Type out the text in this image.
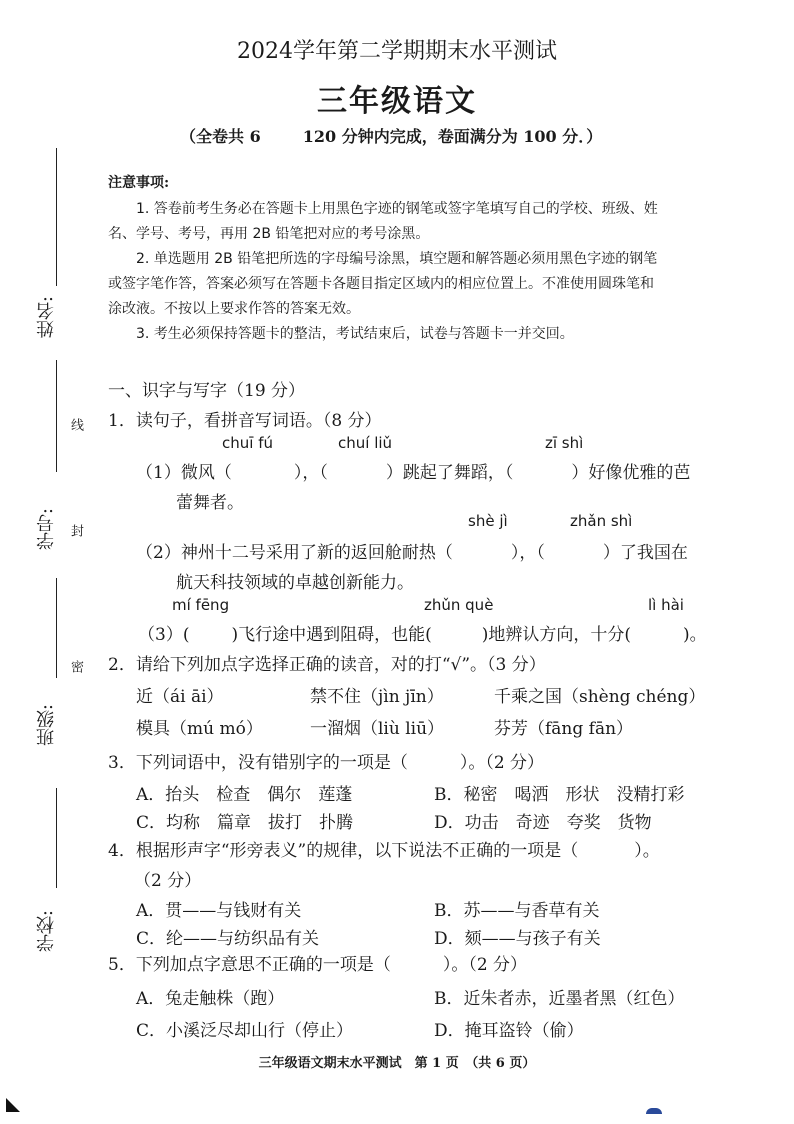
2024学年第二学期期末水平测试
三年级语文
（全卷共 6	120 分钟内完成，卷面满分为 100 分．）
注意事项:
1. 答卷前考生务必在答题卡上用黑色字迹的钢笔或签字笔填写自己的学校、班级、姓
名、学号、考号，再用 2B 铅笔把对应的考号涂黑。
2. 单选题用 2B 铅笔把所选的字母编号涂黑，填空题和解答题必须用黑色字迹的钢笔
或签字笔作答，答案必须写在答题卡各题目指定区域内的相应位置上。不准使用圆珠笔和
涂改液。不按以上要求作答的答案无效。
3. 考生必须保持答题卡的整洁，考试结束后，试卷与答题卡一并交回。
姓名:
学号:
班级:
学校:
线
封
密
一、识字与写字（19 分）
1．读句子，看拼音写词语。（8 分）
chuī fú	chuí liǔ	zī shì
（1）微风（	），（	）跳起了舞蹈，（	）好像优雅的芭
蕾舞者。
shè jì	zhǎn shì
（2）神州十二号采用了新的返回舱耐热（	），（	）了我国在
航天科技领域的卓越创新能力。
mí fēng	zhǔn què	lì hài
（3）( )飞行途中遇到阻碍，也能(	)地辨认方向，十分(	)。
2．请给下列加点字选择正确的读音，对的打“√”。（3 分）
近（ái āi）	禁不住（jìn jīn）	千乘之国（shèng chéng）
模具（mú mó）	一溜烟（liù liū）	芬芳（fāng fān）
3．下列词语中，没有错别字的一项是（	）。（2 分）
A．抬头　检查　偶尔　莲蓬	B．秘密　喝洒　形状　没精打彩
C．均称　篇章　拔打　扑腾	D．功击　奇迹　夸奖　货物
4．根据形声字“形旁表义”的规律，以下说法不正确的一项是（	）。
（2 分）
A．贯——与钱财有关	B．苏——与香草有关
C．纶——与纺织品有关	D．颏——与孩子有关
5．下列加点字意思不正确的一项是（	）。（2 分）
A．兔走触株（跑）	B．近朱者赤，近墨者黑（红色）
C．小溪泛尽却山行（停止）	D．掩耳盗铃（偷）
三年级语文期末水平测试　第 1 页　（共 6 页）
